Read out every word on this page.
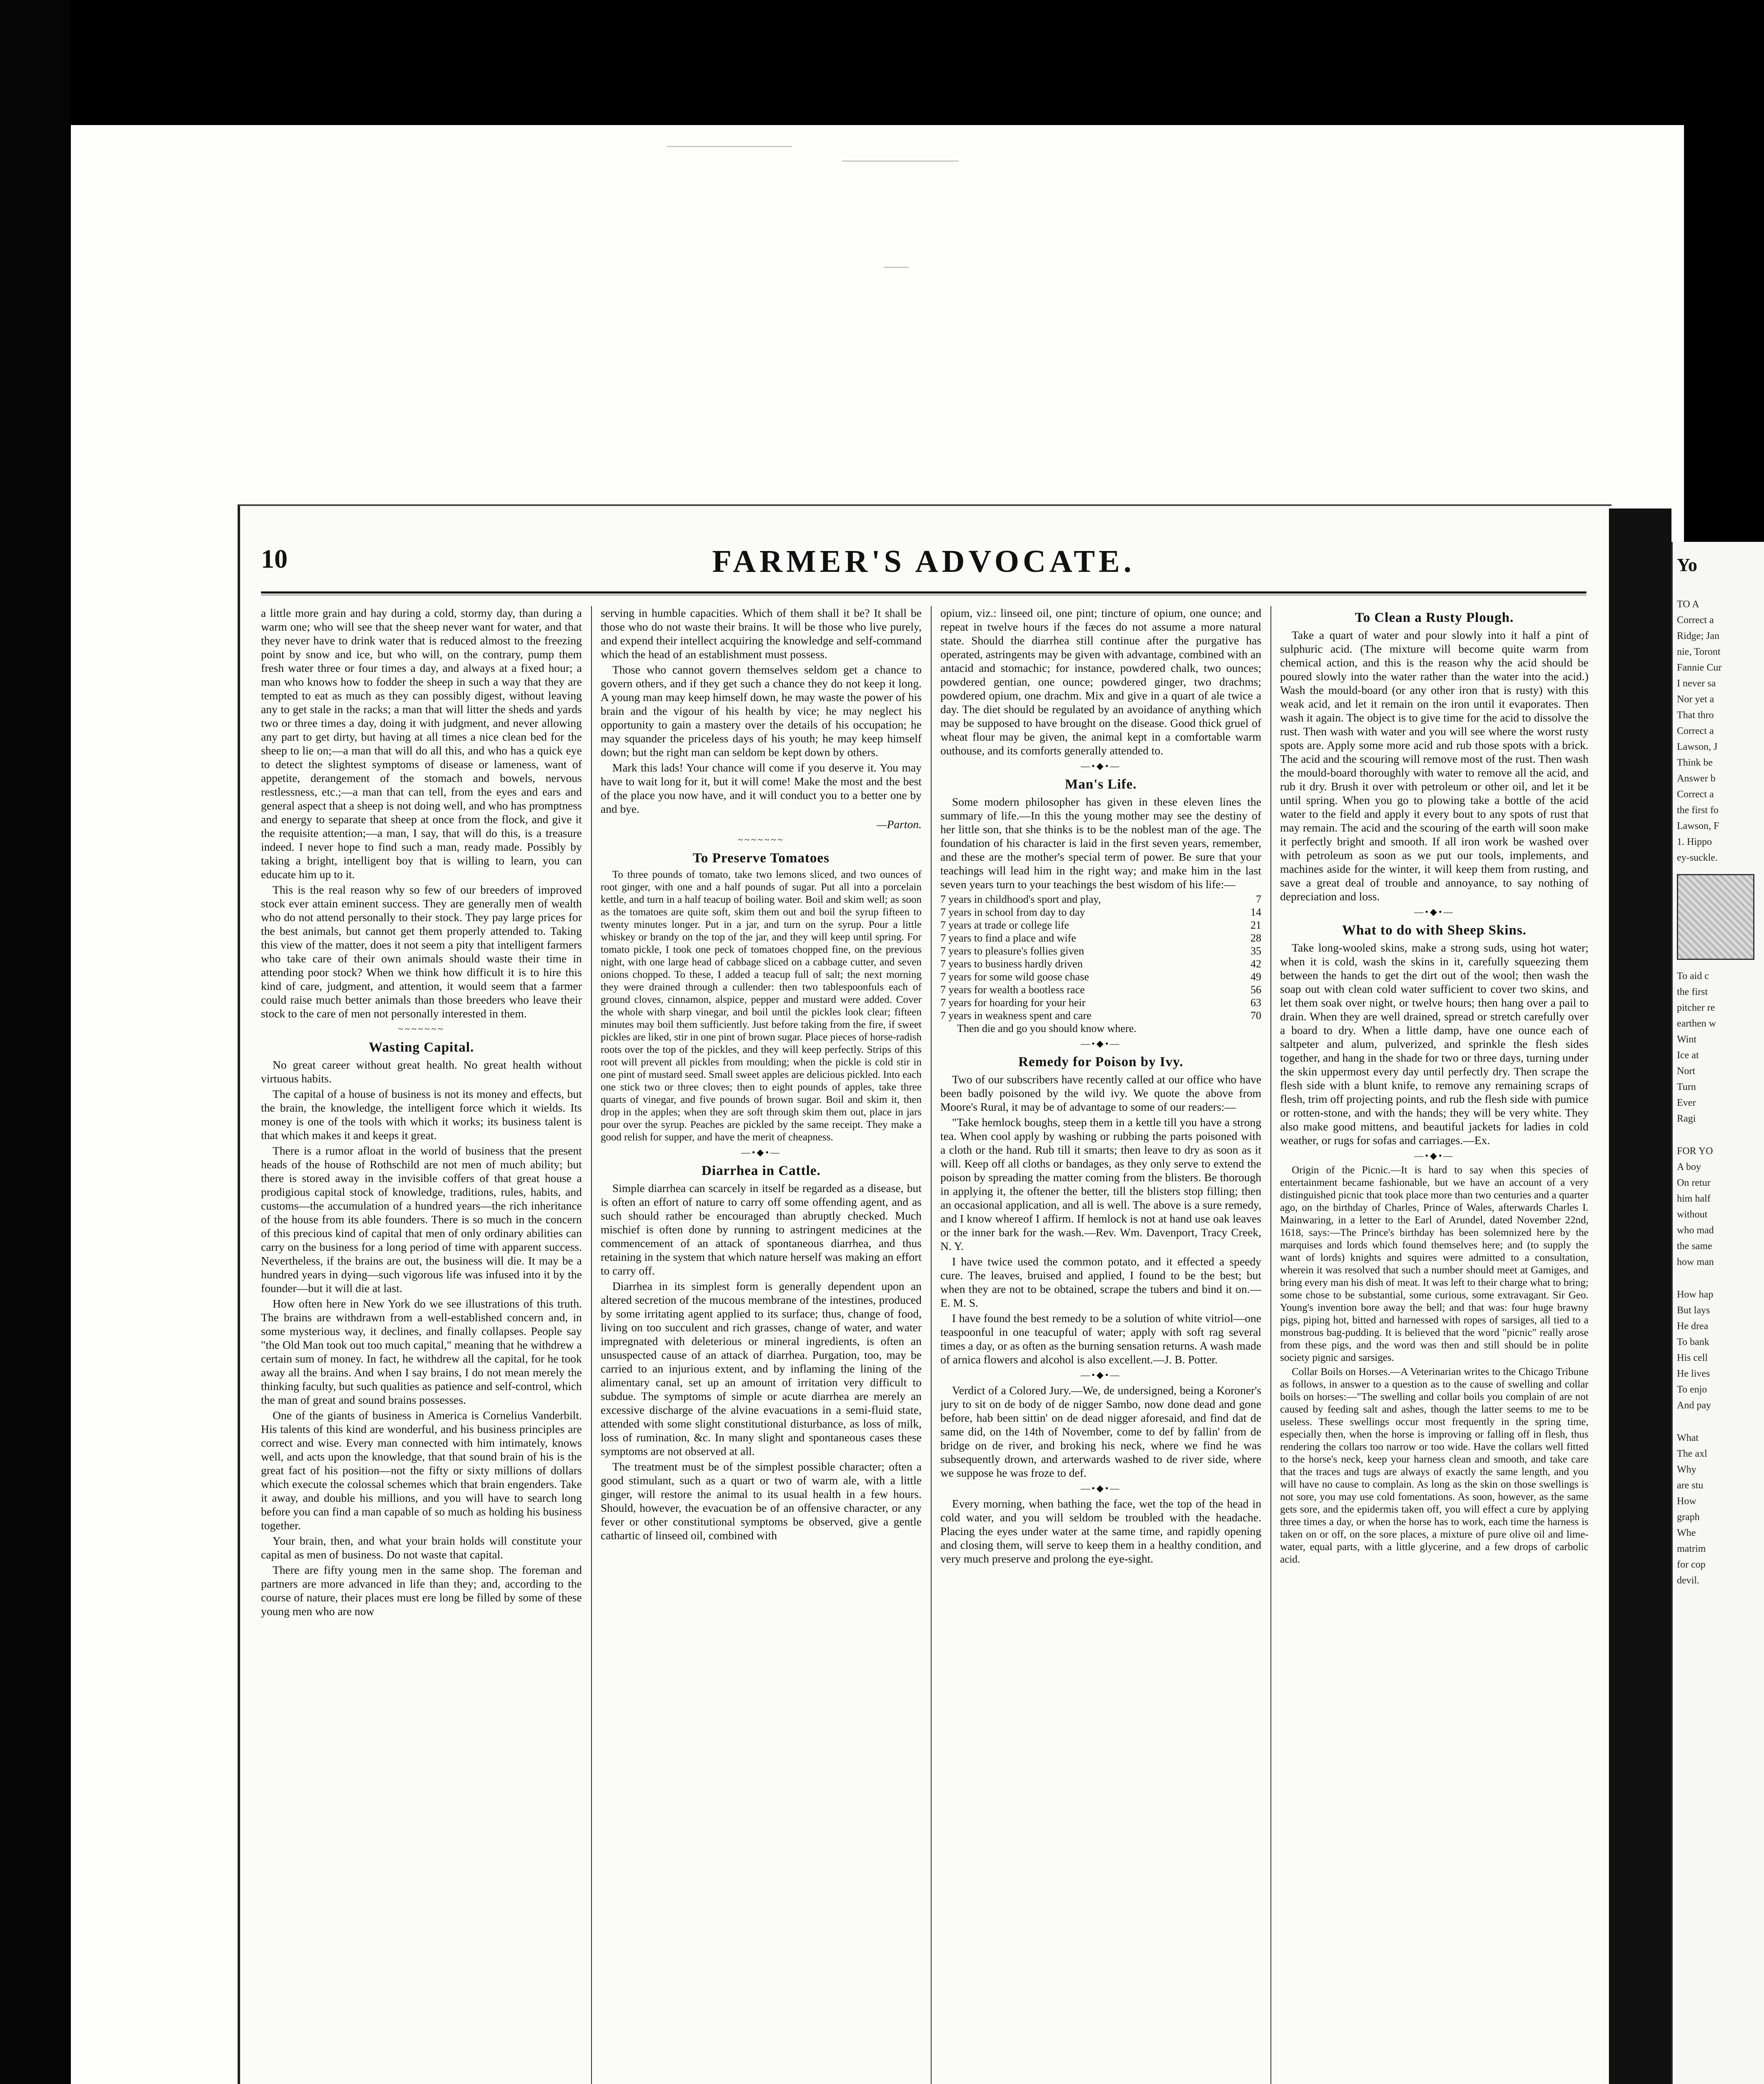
10	FARMER'S ADVOCATE.

a little more grain and hay during a cold, stormy day, than during a warm one; who will see that the sheep never want for water, and that they never have to drink water that is reduced almost to the freezing point by snow and ice, but who will, on the contrary, pump them fresh water three or four times a day, and always at a fixed hour; a man who knows how to fodder the sheep in such a way that they are tempted to eat as much as they can possibly digest, without leaving any to get stale in the racks; a man that will litter the sheds and yards two or three times a day, doing it with judgment, and never allowing any part to get dirty, but having at all times a nice clean bed for the sheep to lie on;—a man that will do all this, and who has a quick eye to detect the slightest symptoms of disease or lameness, want of appetite, derangement of the stomach and bowels, nervous restlessness, etc.;—a man that can tell, from the eyes and ears and general aspect that a sheep is not doing well, and who has promptness and energy to separate that sheep at once from the flock, and give it the requisite attention;—a man, I say, that will do this, is a treasure indeed. I never hope to find such a man, ready made. Possibly by taking a bright, intelligent boy that is willing to learn, you can educate him up to it.

This is the real reason why so few of our breeders of improved stock ever attain eminent success. They are generally men of wealth who do not attend personally to their stock. They pay large prices for the best animals, but cannot get them properly attended to. Taking this view of the matter, does it not seem a pity that intelligent farmers who take care of their own animals should waste their time in attending poor stock? When we think how difficult it is to hire this kind of care, judgment, and attention, it would seem that a farmer could raise much better animals than those breeders who leave their stock to the care of men not personally interested in them.

~~~~~~~
Wasting Capital.

No great career without great health. No great health without virtuous habits.

The capital of a house of business is not its money and effects, but the brain, the knowledge, the intelligent force which it wields. Its money is one of the tools with which it works; its business talent is that which makes it and keeps it great.

There is a rumor afloat in the world of business that the present heads of the house of Rothschild are not men of much ability; but there is stored away in the invisible coffers of that great house a prodigious capital stock of knowledge, traditions, rules, habits, and customs—the accumulation of a hundred years—the rich inheritance of the house from its able founders. There is so much in the concern of this precious kind of capital that men of only ordinary abilities can carry on the business for a long period of time with apparent success. Nevertheless, if the brains are out, the business will die. It may be a hundred years in dying—such vigorous life was infused into it by the founder—but it will die at last.

How often here in New York do we see illustrations of this truth. The brains are withdrawn from a well-established concern and, in some mysterious way, it declines, and finally collapses. People say "the Old Man took out too much capital," meaning that he withdrew a certain sum of money. In fact, he withdrew all the capital, for he took away all the brains. And when I say brains, I do not mean merely the thinking faculty, but such qualities as patience and self-control, which the man of great and sound brains possesses.

One of the giants of business in America is Cornelius Vanderbilt. His talents of this kind are wonderful, and his business principles are correct and wise. Every man connected with him intimately, knows well, and acts upon the knowledge, that that sound brain of his is the great fact of his position—not the fifty or sixty millions of dollars which execute the colossal schemes which that brain engenders. Take it away, and double his millions, and you will have to search long before you can find a man capable of so much as holding his business together.

Your brain, then, and what your brain holds will constitute your capital as men of business. Do not waste that capital.

There are fifty young men in the same shop. The foreman and partners are more advanced in life than they; and, according to the course of nature, their places must ere long be filled by some of these young men who are now

serving in humble capacities. Which of them shall it be? It shall be those who do not waste their brains. It will be those who live purely, and expend their intellect acquiring the knowledge and self-command which the head of an establishment must possess.

Those who cannot govern themselves seldom get a chance to govern others, and if they get such a chance they do not keep it long. A young man may keep himself down, he may waste the power of his brain and the vigour of his health by vice; he may neglect his opportunity to gain a mastery over the details of his occupation; he may squander the priceless days of his youth; he may keep himself down; but the right man can seldom be kept down by others.

Mark this lads! Your chance will come if you deserve it. You may have to wait long for it, but it will come! Make the most and the best of the place you now have, and it will conduct you to a better one by and bye.

—Parton.
~~~~~~~
To Preserve Tomatoes

To three pounds of tomato, take two lemons sliced, and two ounces of root ginger, with one and a half pounds of sugar. Put all into a porcelain kettle, and turn in a half teacup of boiling water. Boil and skim well; as soon as the tomatoes are quite soft, skim them out and boil the syrup fifteen to twenty minutes longer. Put in a jar, and turn on the syrup. Pour a little whiskey or brandy on the top of the jar, and they will keep until spring. For tomato pickle, I took one peck of tomatoes chopped fine, on the previous night, with one large head of cabbage sliced on a cabbage cutter, and seven onions chopped. To these, I added a teacup full of salt; the next morning they were drained through a cullender: then two tablespoonfuls each of ground cloves, cinnamon, alspice, pepper and mustard were added. Cover the whole with sharp vinegar, and boil until the pickles look clear; fifteen minutes may boil them sufficiently. Just before taking from the fire, if sweet pickles are liked, stir in one pint of brown sugar. Place pieces of horse-radish roots over the top of the pickles, and they will keep perfectly. Strips of this root will prevent all pickles from moulding; when the pickle is cold stir in one pint of mustard seed. Small sweet apples are delicious pickled. Into each one stick two or three cloves; then to eight pounds of apples, take three quarts of vinegar, and five pounds of brown sugar. Boil and skim it, then drop in the apples; when they are soft through skim them out, place in jars pour over the syrup. Peaches are pickled by the same receipt. They make a good relish for supper, and have the merit of cheapness.

—•◆•—
Diarrhea in Cattle.

Simple diarrhea can scarcely in itself be regarded as a disease, but is often an effort of nature to carry off some offending agent, and as such should rather be encouraged than abruptly checked. Much mischief is often done by running to astringent medicines at the commencement of an attack of spontaneous diarrhea, and thus retaining in the system that which nature herself was making an effort to carry off.

Diarrhea in its simplest form is generally dependent upon an altered secretion of the mucous membrane of the intestines, produced by some irritating agent applied to its surface; thus, change of food, living on too succulent and rich grasses, change of water, and water impregnated with deleterious or mineral ingredients, is often an unsuspected cause of an attack of diarrhea. Purgation, too, may be carried to an injurious extent, and by inflaming the lining of the alimentary canal, set up an amount of irritation very difficult to subdue. The symptoms of simple or acute diarrhea are merely an excessive discharge of the alvine evacuations in a semi-fluid state, attended with some slight constitutional disturbance, as loss of milk, loss of rumination, &c. In many slight and spontaneous cases these symptoms are not observed at all.

The treatment must be of the simplest possible character; often a good stimulant, such as a quart or two of warm ale, with a little ginger, will restore the animal to its usual health in a few hours. Should, however, the evacuation be of an offensive character, or any fever or other constitutional symptoms be observed, give a gentle cathartic of linseed oil, combined with

opium, viz.: linseed oil, one pint; tincture of opium, one ounce; and repeat in twelve hours if the fæces do not assume a more natural state. Should the diarrhea still continue after the purgative has operated, astringents may be given with advantage, combined with an antacid and stomachic; for instance, powdered chalk, two ounces; powdered gentian, one ounce; powdered ginger, two drachms; powdered opium, one drachm. Mix and give in a quart of ale twice a day. The diet should be regulated by an avoidance of anything which may be supposed to have brought on the disease. Good thick gruel of wheat flour may be given, the animal kept in a comfortable warm outhouse, and its comforts generally attended to.

—•◆•—
Man's Life.

Some modern philosopher has given in these eleven lines the summary of life.—In this the young mother may see the destiny of her little son, that she thinks is to be the noblest man of the age. The foundation of his character is laid in the first seven years, remember, and these are the mother's special term of power. Be sure that your teachings will lead him in the right way; and make him in the last seven years turn to your teachings the best wisdom of his life:—

7 years in childhood's sport and play,	7
7 years in school from day to day	14
7 years at trade or college life	21
7 years to find a place and wife	28
7 years to pleasure's follies given	35
7 years to business hardly driven	42
7 years for some wild goose chase	49
7 years for wealth a bootless race	56
7 years for hoarding for your heir	63
7 years in weakness spent and care	70
Then die and go you should know where.
—•◆•—
Remedy for Poison by Ivy.

Two of our subscribers have recently called at our office who have been badly poisoned by the wild ivy. We quote the above from Moore's Rural, it may be of advantage to some of our readers:—

"Take hemlock boughs, steep them in a kettle till you have a strong tea. When cool apply by washing or rubbing the parts poisoned with a cloth or the hand. Rub till it smarts; then leave to dry as soon as it will. Keep off all cloths or bandages, as they only serve to extend the poison by spreading the matter coming from the blisters. Be thorough in applying it, the oftener the better, till the blisters stop filling; then an occasional application, and all is well. The above is a sure remedy, and I know whereof I affirm. If hemlock is not at hand use oak leaves or the inner bark for the wash.—Rev. Wm. Davenport, Tracy Creek, N. Y.

I have twice used the common potato, and it effected a speedy cure. The leaves, bruised and applied, I found to be the best; but when they are not to be obtained, scrape the tubers and bind it on.—E. M. S.

I have found the best remedy to be a solution of white vitriol—one teaspoonful in one teacupful of water; apply with soft rag several times a day, or as often as the burning sensation returns. A wash made of arnica flowers and alcohol is also excellent.—J. B. Potter.

—•◆•—

Verdict of a Colored Jury.—We, de undersigned, being a Koroner's jury to sit on de body of de nigger Sambo, now done dead and gone before, hab been sittin' on de dead nigger aforesaid, and find dat de same did, on the 14th of November, come to def by fallin' from de bridge on de river, and broking his neck, where we find he was subsequently drown, and arterwards washed to de river side, where we suppose he was froze to def.

—•◆•—

Every morning, when bathing the face, wet the top of the head in cold water, and you will seldom be troubled with the headache. Placing the eyes under water at the same time, and rapidly opening and closing them, will serve to keep them in a healthy condition, and very much preserve and prolong the eye-sight.

To Clean a Rusty Plough.

Take a quart of water and pour slowly into it half a pint of sulphuric acid. (The mixture will become quite warm from chemical action, and this is the reason why the acid should be poured slowly into the water rather than the water into the acid.) Wash the mould-board (or any other iron that is rusty) with this weak acid, and let it remain on the iron until it evaporates. Then wash it again. The object is to give time for the acid to dissolve the rust. Then wash with water and you will see where the worst rusty spots are. Apply some more acid and rub those spots with a brick. The acid and the scouring will remove most of the rust. Then wash the mould-board thoroughly with water to remove all the acid, and rub it dry. Brush it over with petroleum or other oil, and let it be until spring. When you go to plowing take a bottle of the acid water to the field and apply it every bout to any spots of rust that may remain. The acid and the scouring of the earth will soon make it perfectly bright and smooth. If all iron work be washed over with petroleum as soon as we put our tools, implements, and machines aside for the winter, it will keep them from rusting, and save a great deal of trouble and annoyance, to say nothing of depreciation and loss.

—•◆•—
What to do with Sheep Skins.

Take long-wooled skins, make a strong suds, using hot water; when it is cold, wash the skins in it, carefully squeezing them between the hands to get the dirt out of the wool; then wash the soap out with clean cold water sufficient to cover two skins, and let them soak over night, or twelve hours; then hang over a pail to drain. When they are well drained, spread or stretch carefully over a board to dry. When a little damp, have one ounce each of saltpeter and alum, pulverized, and sprinkle the flesh sides together, and hang in the shade for two or three days, turning under the skin uppermost every day until perfectly dry. Then scrape the flesh side with a blunt knife, to remove any remaining scraps of flesh, trim off projecting points, and rub the flesh side with pumice or rotten-stone, and with the hands; they will be very white. They also make good mittens, and beautiful jackets for ladies in cold weather, or rugs for sofas and carriages.—Ex.

—•◆•—

Origin of the Picnic.—It is hard to say when this species of entertainment became fashionable, but we have an account of a very distinguished picnic that took place more than two centuries and a quarter ago, on the birthday of Charles, Prince of Wales, afterwards Charles I. Mainwaring, in a letter to the Earl of Arundel, dated November 22nd, 1618, says:—The Prince's birthday has been solemnized here by the marquises and lords which found themselves here; and (to supply the want of lords) knights and squires were admitted to a consultation, wherein it was resolved that such a number should meet at Gamiges, and bring every man his dish of meat. It was left to their charge what to bring; some chose to be substantial, some curious, some extravagant. Sir Geo. Young's invention bore away the bell; and that was: four huge brawny pigs, piping hot, bitted and harnessed with ropes of sarsiges, all tied to a monstrous bag-pudding. It is believed that the word "picnic" really arose from these pigs, and the word was then and still should be in polite society pignic and sarsiges.

Collar Boils on Horses.—A Veterinarian writes to the Chicago Tribune as follows, in answer to a question as to the cause of swelling and collar boils on horses:—"The swelling and collar boils you complain of are not caused by feeding salt and ashes, though the latter seems to me to be useless. These swellings occur most frequently in the spring time, especially then, when the horse is improving or falling off in flesh, thus rendering the collars too narrow or too wide. Have the collars well fitted to the horse's neck, keep your harness clean and smooth, and take care that the traces and tugs are always of exactly the same length, and you will have no cause to complain. As long as the skin on those swellings is not sore, you may use cold fomentations. As soon, however, as the same gets sore, and the epidermis taken off, you will effect a cure by applying three times a day, or when the horse has to work, each time the harness is taken on or off, on the sore places, a mixture of pure olive oil and lime-water, equal parts, with a little glycerine, and a few drops of carbolic acid.

Yo
TO A
Correct a
Ridge; Jan
nie, Toront
Fannie Cur
I never sa
Nor yet a
That thro
Correct a
Lawson, J
Think be
Answer b
Correct a
the first fo
Lawson, F
1. Hippo
ey-suckle.
To aid c
the first
pitcher re
earthen w
Wint
Ice at
Nort
Turn
Ever
Ragi
FOR YO
A boy
On retur
him half
without
who mad
the same
how man
How hap
But lays
He drea
To bank
His cell
He lives
To enjo
And pay
What
The axl
Why
are stu
How
graph
Whe
matrim
for cop
devil.
